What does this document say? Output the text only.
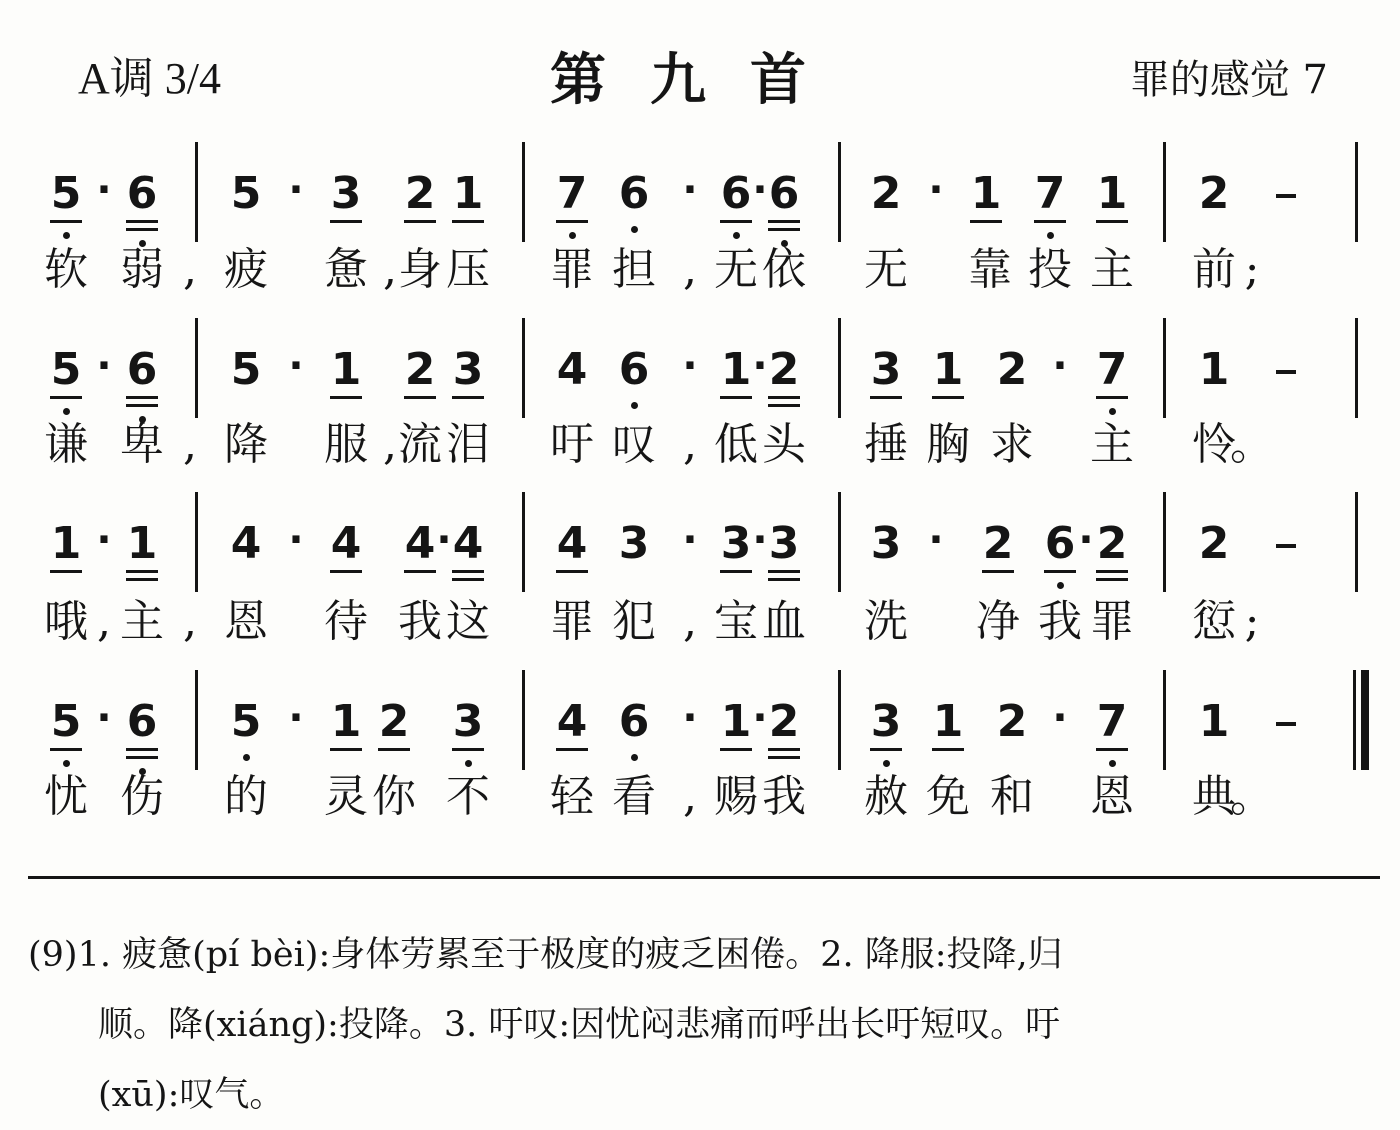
A调 3/4	第九首	罪的感觉 7
5 6 5 3 2 1 7 6 6 6 2 1 7 1 2
·	·	·	·
·
软 弱 , 疲 惫 , 身 压 罪 担 , 无 依 无 靠 投 主 前 ;
5 6 5 1 2 3 4 6 1 2 3 1 2 7 1
·	·	·	·
·
谦 卑 , 降 服 , 流 泪 吁 叹 , 低 头 捶 胸 求 主 怜
。
1 1 4 4 4 4 4 3 3 3 3 2 6 2 2
·	·	·	·
·	·	·
哦 , 主 , 恩 待 我 这 罪 犯 , 宝 血 洗 净 我 罪 愆 ;
5 6 5 1 2 3 4 6 1 2 3 1 2 7 1
·	·	·	·
·
忧 伤 的 灵 你 不 轻 看 , 赐 我 赦 免 和 恩 典
。

(9)1. 疲惫(pí bèi):身体劳累至于极度的疲乏困倦。2. 降服:投降,归

顺。降(xiáng):投降。3. 吁叹:因忧闷悲痛而呼出长吁短叹。吁

(xū):叹气。
